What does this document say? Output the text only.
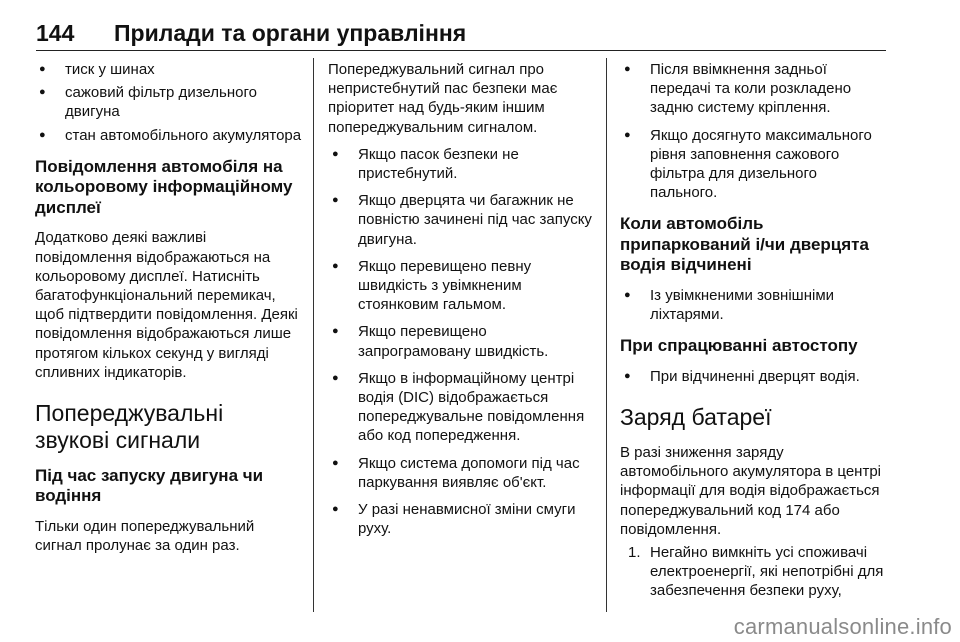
144 Прилади та органи управління
● тиск у шинах
● сажовий фільтр дизельного двигуна
● стан автомобільного акумулятора
Повідомлення автомобіля на кольоровому інформаційному дисплеї

Додатково деякі важливі повідомлення відображаються на кольоровому дисплеї. Натисніть багатофункціональний перемикач, щоб підтвердити повідомлення. Деякі повідомлення відображаються лише протягом кількох секунд у вигляді спливних індикаторів.

Попереджувальні звукові сигнали
Під час запуску двигуна чи водіння

Тільки один попереджувальний сигнал пролунає за один раз.

Попереджувальний сигнал про непристебнутий пас безпеки має пріоритет над будь-яким іншим попереджувальним сигналом.

● Якщо пасок безпеки не пристебнутий.
● Якщо дверцята чи багажник не повністю зачинені під час запуску двигуна.
● Якщо перевищено певну швидкість з увімкненим стоянковим гальмом.
● Якщо перевищено запрограмовану швидкість.
● Якщо в інформаційному центрі водія (DIC) відображається попереджувальне повідомлення або код попередження.
● Якщо система допомоги під час паркування виявляє об'єкт.
● У разі ненавмисної зміни смуги руху.
● Після ввімкнення задньої передачі та коли розкладено задню систему кріплення.
● Якщо досягнуто максимального рівня заповнення сажового фільтра для дизельного пального.
Коли автомобіль припаркований і/чи дверцята водія відчинені
● Із увімкненими зовнішніми ліхтарями.
При спрацюванні автостопу
● При відчиненні дверцят водія.
Заряд батареї

В разі зниження заряду автомобільного акумулятора в центрі інформації для водія відображається попереджувальний код 174 або повідомлення.

1. Негайно вимкніть усі споживачі електроенергії, які непотрібні для забезпечення безпеки руху,
carmanualsonline.info
